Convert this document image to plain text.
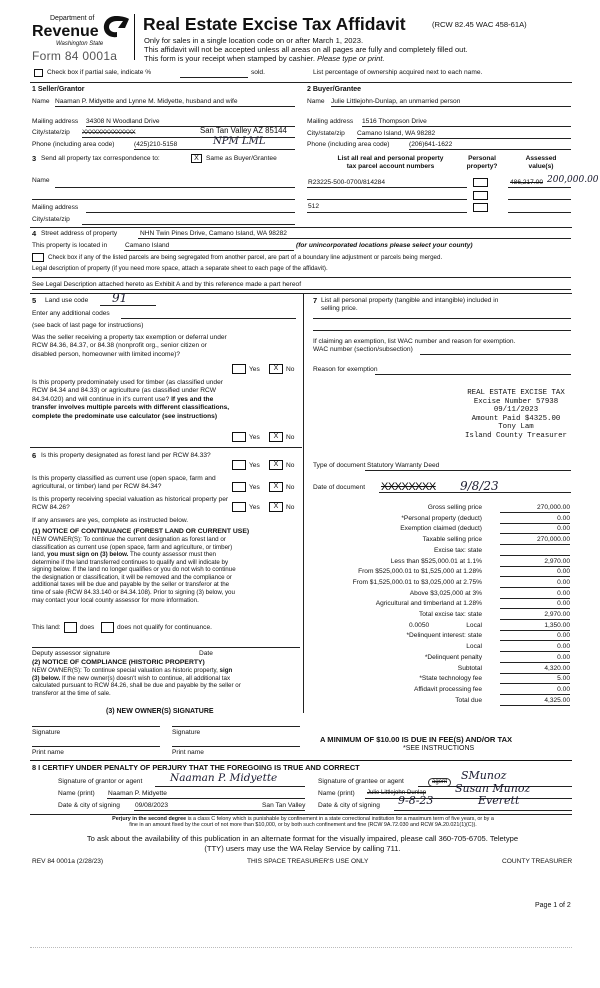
Department of
Revenue
Washington State
Form 84 0001a
Real Estate Excise Tax Affidavit	(RCW 82.45 WAC 458-61A)
Only for sales in a single location code on or after March 1, 2023.
This affidavit will not be accepted unless all areas on all pages are fully and completely filled out.
This form is your receipt when stamped by cashier. Please type or print.
Check box if partial sale, indicate %	sold.	List percentage of ownership acquired next to each name.
1 Seller/Grantor
Name Naaman P. Midyette and Lynne M. Midyette, husband and wife
Mailing address 34308 N Woodland Drive
City/state/zip XXXXXXXXXXXXXX	San Tan Valley AZ 85144
Phone (including area code)	(425)210-5158	NPM LML
2 Buyer/Grantee
Name Julie Littlejohn-Dunlap, an unmarried person
Mailing address 1516 Thompson Drive
City/state/zip Camano Island, WA 98282
Phone (including area code)	(206)641-1622
3 Send all property tax correspondence to:	X	Same as Buyer/Grantee
Name
Mailing address
City/state/zip
List all real and personal property
tax parcel account numbers
Personal
property?
Assessed
value(s)
R23225-500-0700/814284	486,217.00 200,000.00
512
4 Street address of property	NHN Twin Pines Drive, Camano Island, WA 98282
This property is located in	Camano Island	(for unincorporated locations please select your county)
Check box if any of the listed parcels are being segregated from another parcel, are part of a boundary line adjustment or parcels being merged.
Legal description of property (if you need more space, attach a separate sheet to each page of the affidavit).
See Legal Description attached hereto as Exhibit A and by this reference made a part hereof
5 Land use code 91
Enter any additional codes
(see back of last page for instructions)
Was the seller receiving a property tax exemption or deferral under RCW 84.36, 84.37, or 84.38 (nonprofit org., senior citizen or disabled person, homeowner with limited income)?
Yes	X	No
Is this property predominately used for timber (as classified under RCW 84.34 and 84.33) or agriculture (as classified under RCW 84.34.020) and will continue in it's current use? If yes and the transfer involves multiple parcels with different classifications, complete the predominate use calculator (see instructions)
Yes	X	No
6 Is this property designated as forest land per RCW 84.33?
Yes	X	No
Is this property classified as current use (open space, farm and agricultural, or timber) land per RCW 84.34?	Yes	X	No
Is this property receiving special valuation as historical property per RCW 84.26?	Yes	X	No
If any answers are yes, complete as instructed below.
(1) NOTICE OF CONTINUANCE (FOREST LAND OR CURRENT USE)
NEW OWNER(S): To continue the current designation as forest land or
classification as current use (open space, farm and agriculture, or timber)
land, you must sign on (3) below. The county assessor must then
determine if the land transferred continues to qualify and will indicate by
signing below. If the land no longer qualifies or you do not wish to continue
the designation or classification, it will be removed and the compliance or
additional taxes will be due and payable by the seller or transferor at the
time of sale (RCW 84.33.140 or 84.34.108). Prior to signing (3) below, you
may contact your local county assessor for more information.
This land:	does	does not qualify for continuance.
Deputy assessor signature	Date
(2) NOTICE OF COMPLIANCE (HISTORIC PROPERTY)
NEW OWNER(S): To continue special valuation as historic property, sign
(3) below. If the new owner(s) doesn't wish to continue, all additional tax
calculated pursuant to RCW 84.26, shall be due and payable by the seller or
transferor at the time of sale.
(3) NEW OWNER(S) SIGNATURE
Signature	Signature
Print name	Print name
7 List all personal property (tangible and intangible) included in
selling price.
If claiming an exemption, list WAC number and reason for exemption.
WAC number (section/subsection)
Reason for exemption
REAL ESTATE EXCISE TAX
Excise Number 57938
09/11/2023
Amount Paid $4325.00
Tony Lam
Island County Treasurer
Type of document Statutory Warranty Deed
Date of document XXXXXXXX 9/8/23
Gross selling price	270,000.00
*Personal property (deduct)	0.00
Exemption claimed (deduct)	0.00
Taxable selling price	270,000.00
Excise tax: state
Less than $525,000.01 at 1.1%	2,970.00
From $525,000.01 to $1,525,000 at 1.28%	0.00
From $1,525,000.01 to $3,025,000 at 2.75%	0.00
Above $3,025,000 at 3%	0.00
Agricultural and timberland at 1.28%	0.00
Total excise tax: state	2,970.00
Local
0.0050	1,350.00
*Delinquent interest: state	0.00
Local	0.00
*Delinquent penalty	0.00
Subtotal	4,320.00
*State technology fee	5.00
Affidavit processing fee	0.00
Total due	4,325.00
A MINIMUM OF $10.00 IS DUE IN FEE(S) AND/OR TAX
*SEE INSTRUCTIONS
8 I CERTIFY UNDER PENALTY OF PERJURY THAT THE FOREGOING IS TRUE AND CORRECT
Signature of grantor or agent	Naaman P. Midyette
Name (print) Naaman P. Midyette
Date & city of signing 09/08/2023	San Tan Valley
Signature of grantee or agent	agent	SMunoz
Name (print) Julie Littlejohn-Dunlap	Susan Munoz
Date & city of signing 9-8-23	Everett
Perjury in the second degree is a class C felony which is punishable by confinement in a state correctional institution for a maximum term of five years, or by a
fine in an amount fixed by the court of not more than $10,000, or by both such confinement and fine (RCW 9A.72.030 and RCW 9A.20.021(1)(C)).
To ask about the availability of this publication in an alternate format for the visually impaired, please call 360-705-6705. Teletype
(TTY) users may use the WA Relay Service by calling 711.
REV 84 0001a (2/28/23)	THIS SPACE TREASURER'S USE ONLY	COUNTY TREASURER
Page 1 of 2
